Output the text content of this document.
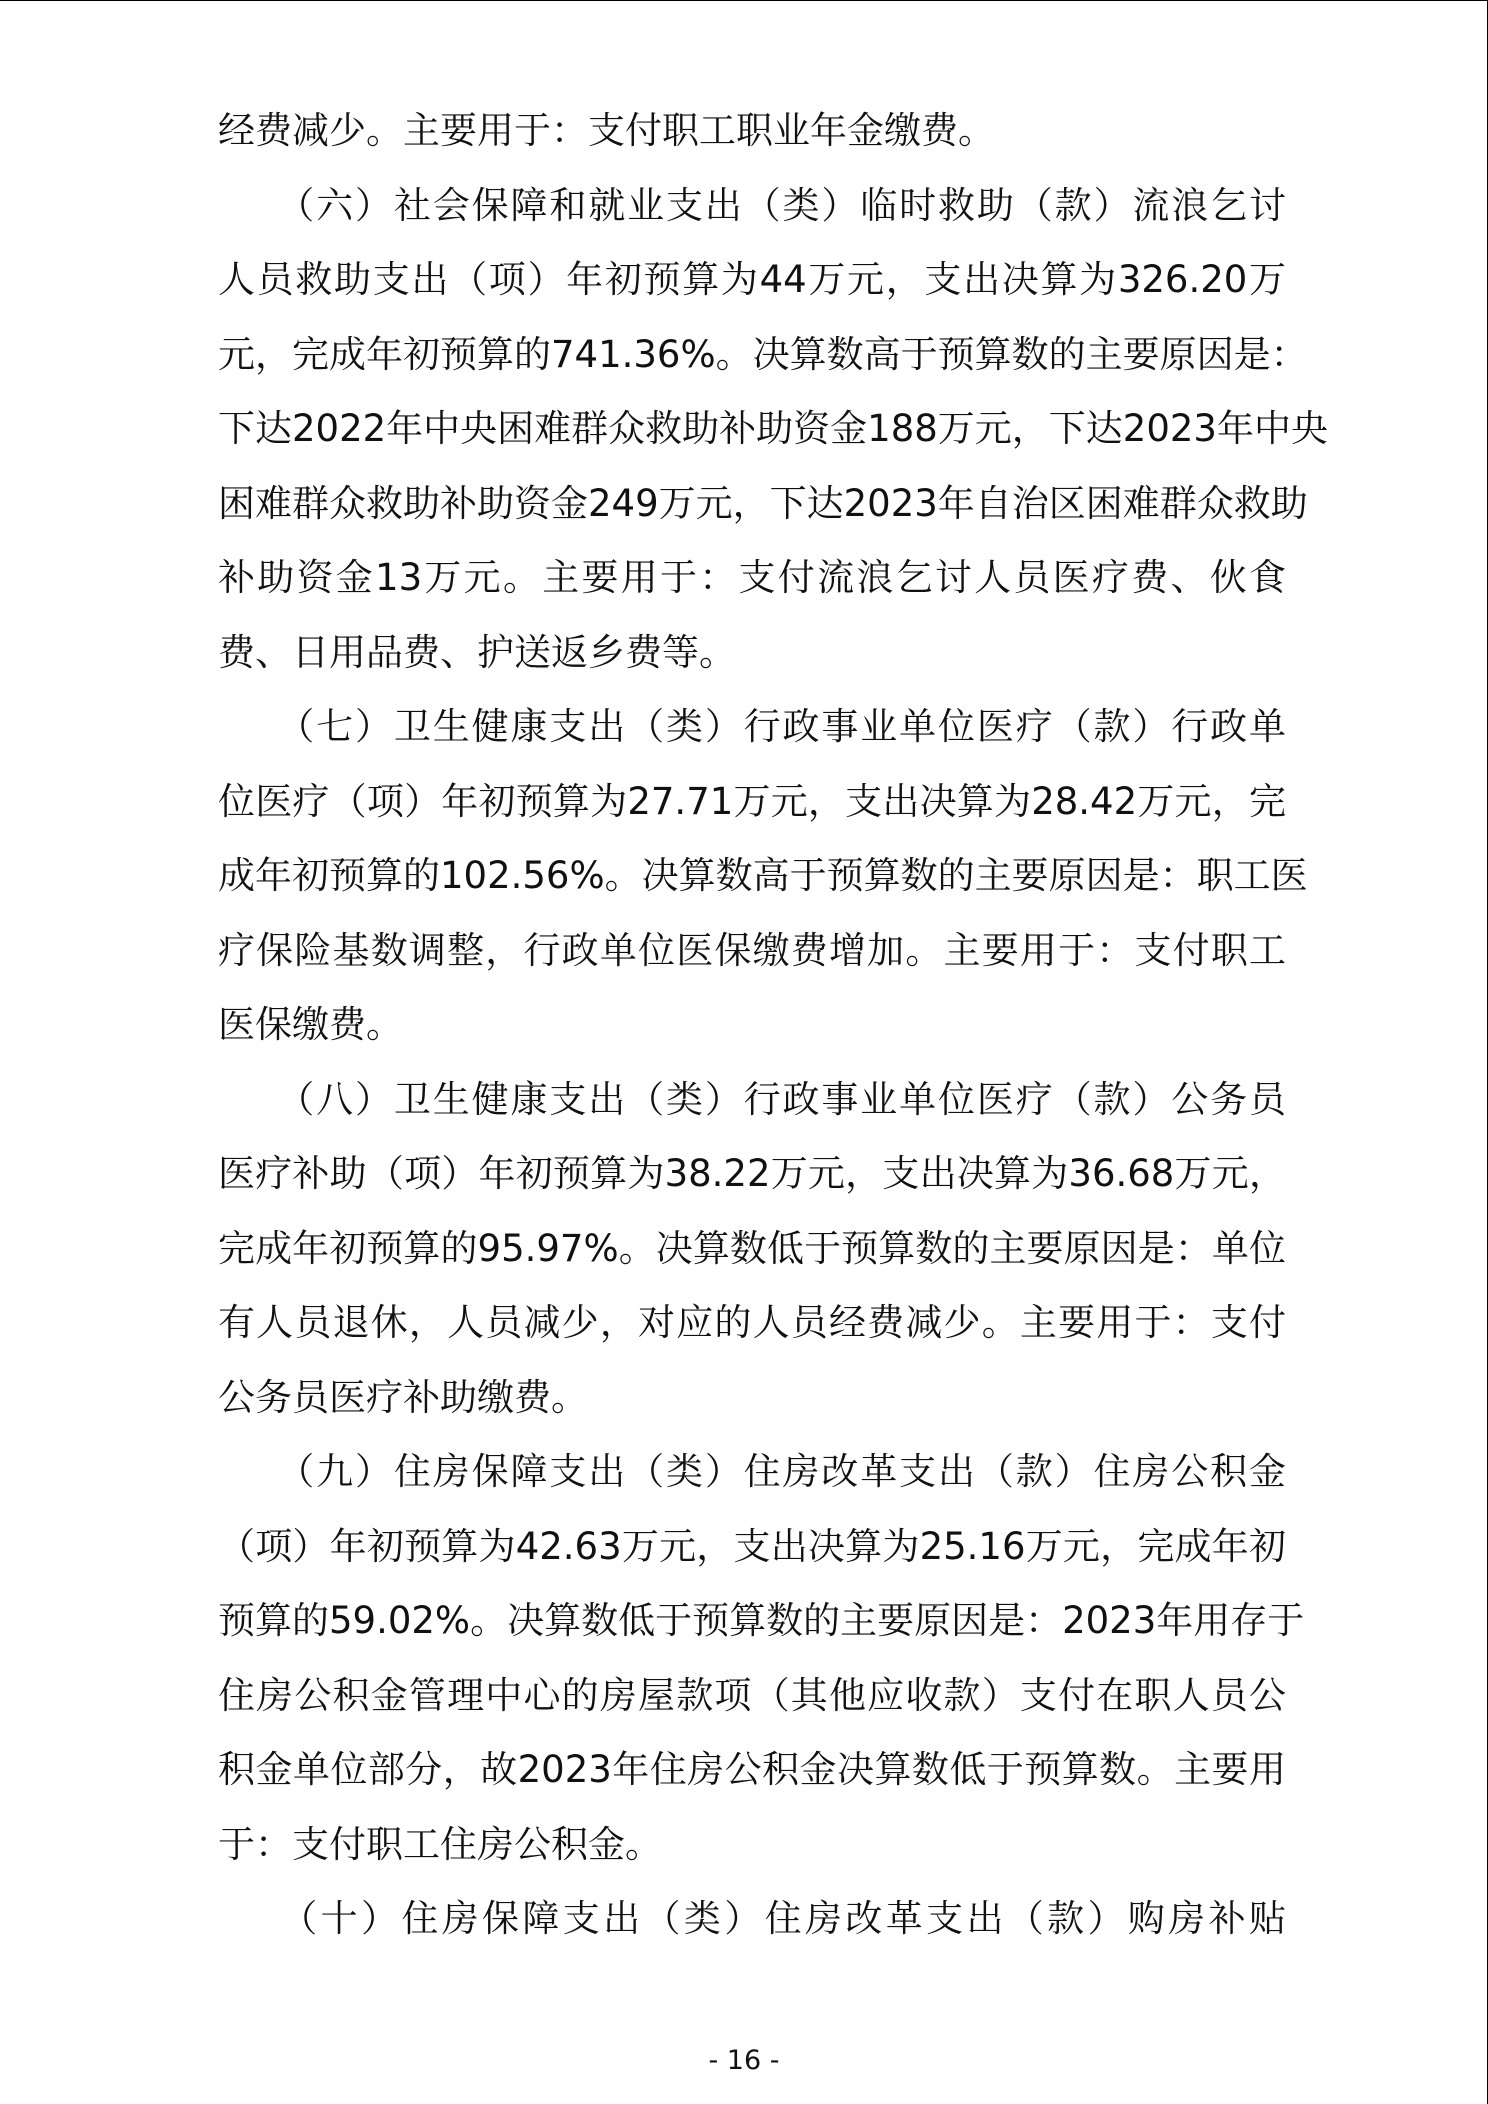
经费减少。主要用于：支付职工职业年金缴费。
　　（六）社会保障和就业支出（类）临时救助（款）流浪乞讨
人员救助支出（项）年初预算为44万元，支出决算为326.20万
元，完成年初预算的741.36%。决算数高于预算数的主要原因是：
下达2022年中央困难群众救助补助资金188万元，下达2023年中央
困难群众救助补助资金249万元，下达2023年自治区困难群众救助
补助资金13万元。主要用于：支付流浪乞讨人员医疗费、伙食
费、日用品费、护送返乡费等。
　　（七）卫生健康支出（类）行政事业单位医疗（款）行政单
位医疗（项）年初预算为27.71万元，支出决算为28.42万元，完
成年初预算的102.56%。决算数高于预算数的主要原因是：职工医
疗保险基数调整，行政单位医保缴费增加。主要用于：支付职工
医保缴费。
　　（八）卫生健康支出（类）行政事业单位医疗（款）公务员
医疗补助（项）年初预算为38.22万元，支出决算为36.68万元，
完成年初预算的95.97%。决算数低于预算数的主要原因是：单位
有人员退休，人员减少，对应的人员经费减少。主要用于：支付
公务员医疗补助缴费。
　　（九）住房保障支出（类）住房改革支出（款）住房公积金
（项）年初预算为42.63万元，支出决算为25.16万元，完成年初
预算的59.02%。决算数低于预算数的主要原因是：2023年用存于
住房公积金管理中心的房屋款项（其他应收款）支付在职人员公
积金单位部分，故2023年住房公积金决算数低于预算数。主要用
于：支付职工住房公积金。
　　（十）住房保障支出（类）住房改革支出（款）购房补贴
- 16 -
